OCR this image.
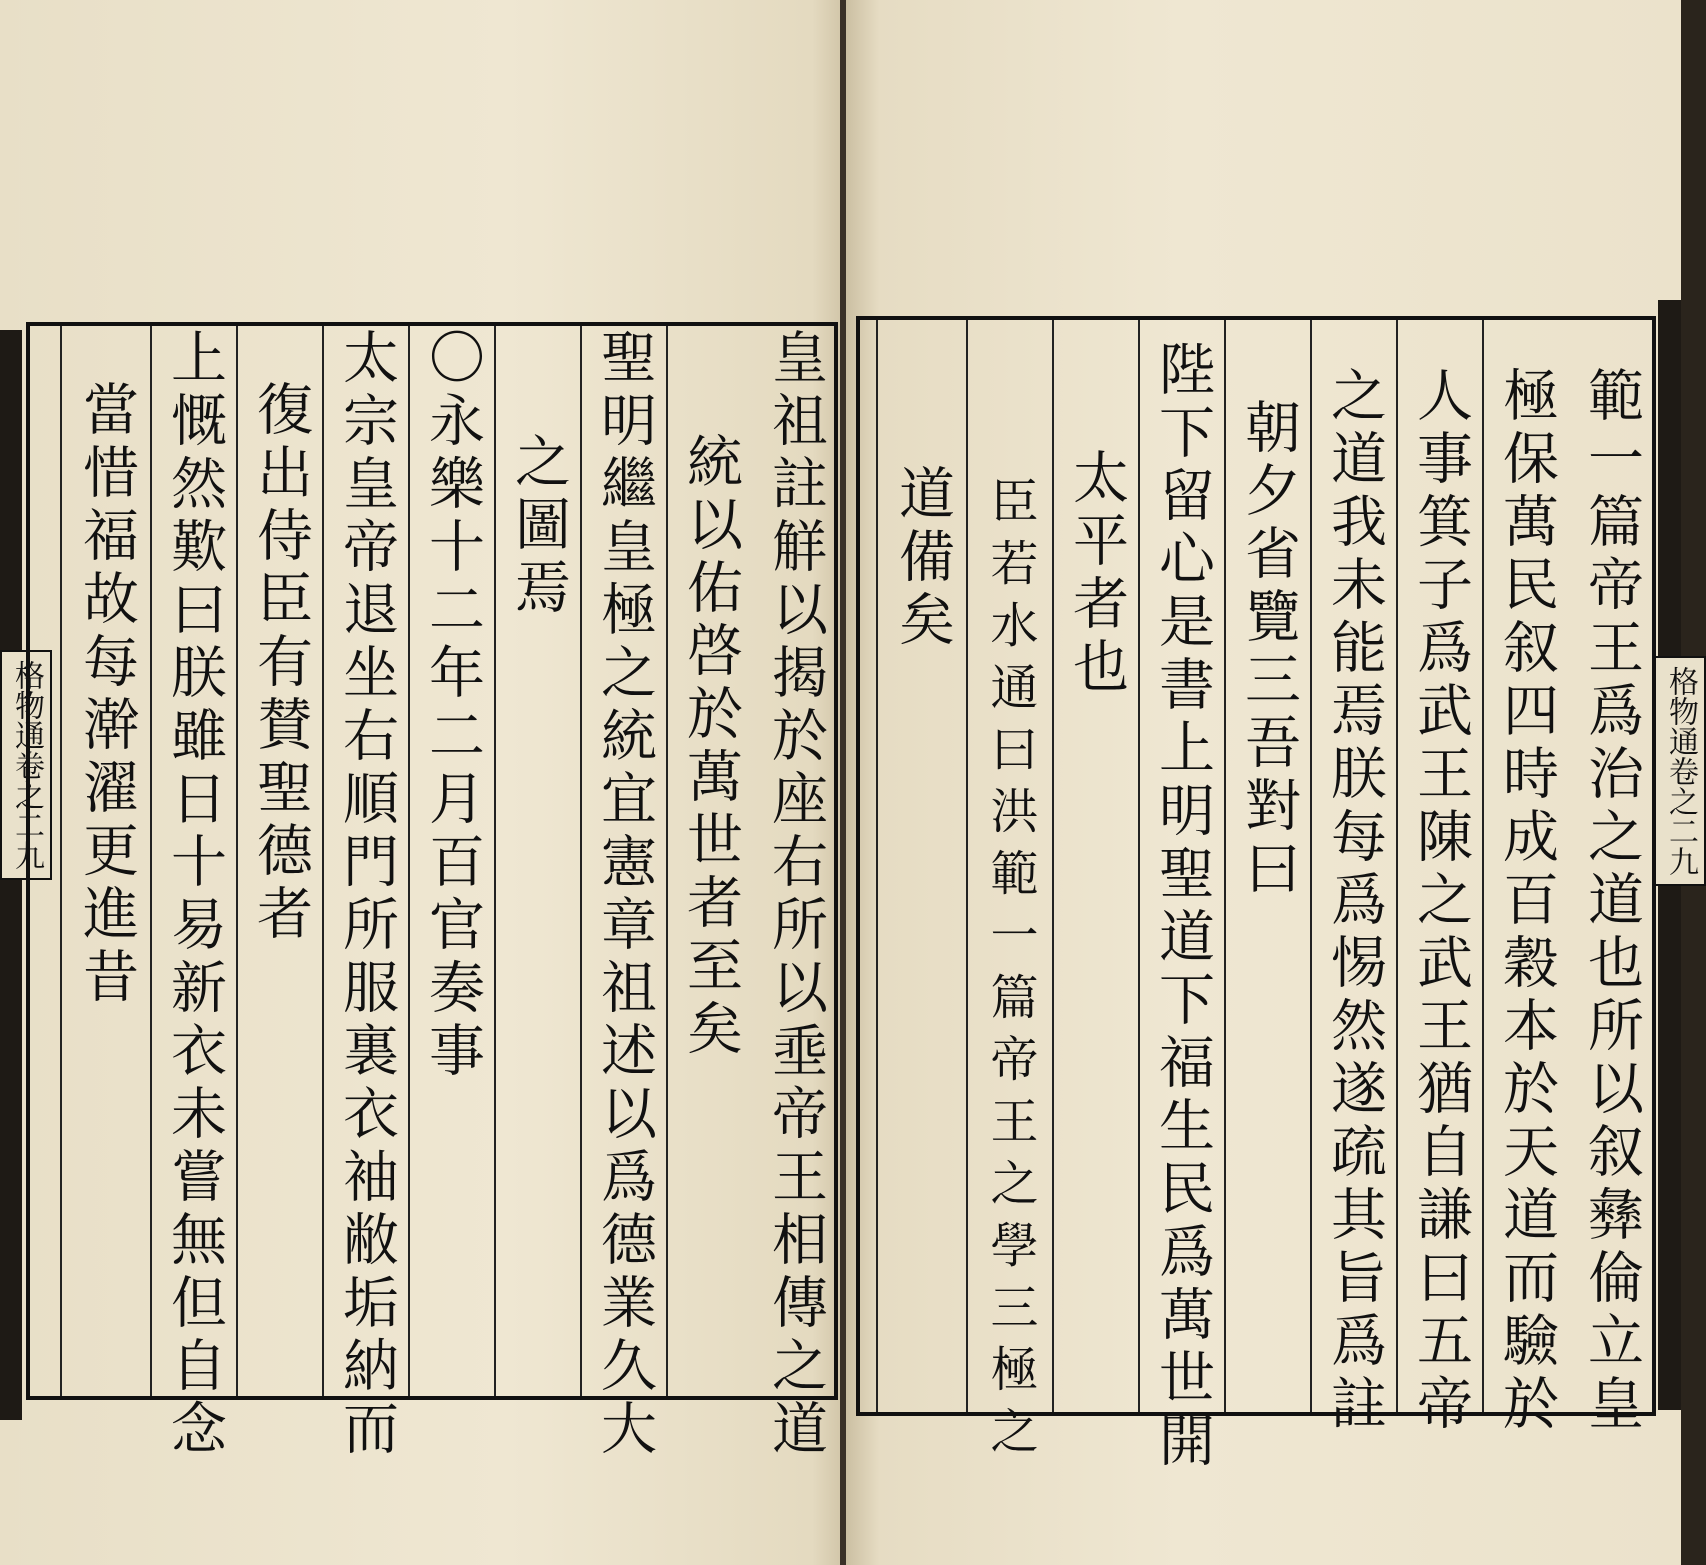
格物通卷之二九	皇祖註觧以揭於座右所以埀帝王相傳之道
統以佑啓於萬世者至矣
聖明繼皇極之統宜憲章祖述以爲德業久大
之圖焉
〇永樂十二年二月百官奏事
太宗皇帝退坐右順門所服裏衣袖敝垢納而
復出侍臣有賛聖德者
上慨然歎曰朕雖日十易新衣未嘗無但自念
當惜福故每澣濯更進昔	範一篇帝王爲治之道也所以叙彝倫立皇
極保萬民叙四時成百穀本於天道而驗於
人事箕子爲武王陳之武王猶自謙曰五帝
之道我未能焉朕每爲惕然遂疏其旨爲註
朝夕省覽三吾對曰
陛下留心是書上明聖道下福生民爲萬世開
太平者也
臣若水通曰洪範一篇帝王之學三極之
道備矣
格物通卷之二九
